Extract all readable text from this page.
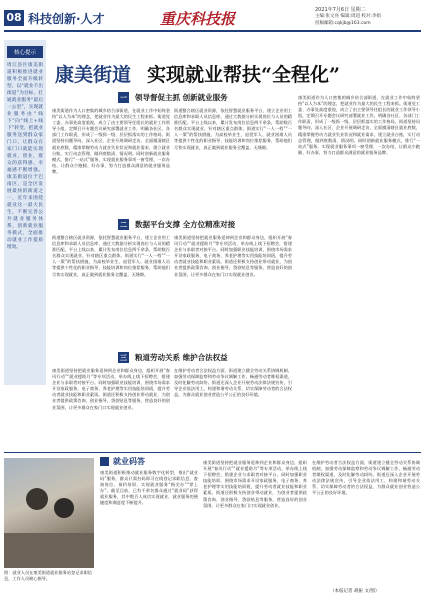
08 科技创新·人才	重庆科技报	2021年7月6日 星期二
主编:张文亮 编辑:周超 校对:李娟
投稿邮箱:cqkjb@163.com
核心提示
周江县区康美街道积极推进就业服务全面升级转型，以“就业不出街道”为目标，打通就业服务“最后一公里”，实现就业服务由“线下”向“线上+线下”转变，把就业服务送到群众家门口，让群众在家门口就能实现就业、创业，群众的获得感、幸福感不断增强。康美街道位于巴南区，是全区发展最快的街道之一，近年来围绕就业这一最大民生，不断完善公共就业服务体系，创新就业服务模式，全面推动就业工作提质增效。
康美街道 实现就业帮扶“全程化”
一 领导督促主抓 创新就业服务
康美街道作为人口密集的城乡结合部街道，在就业工作中始终坚持“以人为本”的理念，把就业作为最大的民生工程来抓。街道党工委、办事处高度重视，成立了由主要领导任组长的就业工作领导小组，定期召开专题会议研究部署就业工作，明确各社区、各部门工作职责，形成了一级抓一级、层层抓落实的工作格局。街道坚持问题导向，深入社区、企业开展调研走访，全面摸清辖区就业底数，精准掌握劳动力就业失业状况和就业需求，建立就业台账，实行动态管理，做到底数清、情况明。同时创新就业服务模式，推行“一站式”服务，实现就业服务事项一窗受理、一次办结，让群众少跑腿、好办事，努力打造群众满意的就业服务品牌。
街道整合辖区就业资源，依托智慧就业服务平台，建立企业用工信息库和求职人员信息库，通过大数据分析实现岗位与人员的精准匹配。平台上线以来，累计发布岗位信息两千余条，帮助数百名群众实现就业。针对辖区重点群体，街道实行“一人一档”“一人一策”的帮扶措施，为高校毕业生、退役军人、就业困难人员等提供个性化的职业指导、技能培训和岗位推荐服务，帮助他们尽快实现就业，真正做到就业服务全覆盖、无缝隙。
二 数据平台支撑 全方位精准对接
街道整合辖区就业资源，依托智慧就业服务平台，建立企业用工信息库和求职人员信息库，通过大数据分析实现岗位与人员的精准匹配。平台上线以来，累计发布岗位信息两千余条，帮助数百名群众实现就业。针对辖区重点群体，街道实行“一人一档”“一人一策”的帮扶措施，为高校毕业生、退役军人、就业困难人员等提供个性化的职业指导、技能培训和岗位推荐服务，帮助他们尽快实现就业，真正做到就业服务全覆盖、无缝隙。
康美街道坚持把就业服务延伸到企业和群众身边，组织开展“春风行动”“就业援助月”等专项活动，举办线上线下招聘会，搭建企业与求职者对接平台。同时加强职业技能培训，围绕市场需求开设家政服务、电子商务、养老护理等实用技能培训班，提升劳动者就业技能和职业素质。街道还积极支持创业带动就业，为创业者提供政策咨询、创业指导、贷款贴息等服务，营造良好的创业氛围，让更多群众在家门口实现就业创业。
三 粮道劳动关系 维护合法权益
康美街道坚持把就业服务延伸到企业和群众身边，组织开展“春风行动”“就业援助月”等专项活动，举办线上线下招聘会，搭建企业与求职者对接平台。同时加强职业技能培训，围绕市场需求开设家政服务、电子商务、养老护理等实用技能培训班，提升劳动者就业技能和职业素质。街道还积极支持创业带动就业，为创业者提供政策咨询、创业指导、贷款贴息等服务，营造良好的创业氛围，让更多群众在家门口实现就业创业。
在维护劳动者合法权益方面，街道建立健全劳动关系协调机制，加强劳动保障监察和劳动争议调解工作，畅通劳动者维权渠道，及时化解劳动纠纷。街道还深入企业开展劳动法律法规宣传，引导企业依法用工，构建和谐劳动关系，切实保障劳动者的合法权益，为群众就业创业营造公平公正的良好环境。
康美街道作为人口密集的城乡结合部街道，在就业工作中始终坚持“以人为本”的理念，把就业作为最大的民生工程来抓。街道党工委、办事处高度重视，成立了由主要领导任组长的就业工作领导小组，定期召开专题会议研究部署就业工作，明确各社区、各部门工作职责，形成了一级抓一级、层层抓落实的工作格局。街道坚持问题导向，深入社区、企业开展调研走访，全面摸清辖区就业底数，精准掌握劳动力就业失业状况和就业需求，建立就业台账，实行动态管理，做到底数清、情况明。同时创新就业服务模式，推行“一站式”服务，实现就业服务事项一窗受理、一次办结，让群众少跑腿、好办事，努力打造群众满意的就业服务品牌。
图：就业人员在康美街道就业服务站登记求职信息，工作人员耐心指导。
就业码答
康美街道积极推动就业服务数字化转型，推出“就业码”服务，群众只需扫码即可在线登记求职信息、查询岗位、预约培训，实现就业服务“指尖办”“掌上办”。截至目前，已有千余名群众通过“就业码”获得就业服务，其中数百人成功实现就业，就业服务的便捷度和满意度不断提升。
康美街道坚持把就业服务延伸到企业和群众身边，组织开展“春风行动”“就业援助月”等专项活动，举办线上线下招聘会，搭建企业与求职者对接平台。同时加强职业技能培训，围绕市场需求开设家政服务、电子商务、养老护理等实用技能培训班，提升劳动者就业技能和职业素质。街道还积极支持创业带动就业，为创业者提供政策咨询、创业指导、贷款贴息等服务，营造良好的创业氛围，让更多群众在家门口实现就业创业。
在维护劳动者合法权益方面，街道建立健全劳动关系协调机制，加强劳动保障监察和劳动争议调解工作，畅通劳动者维权渠道，及时化解劳动纠纷。街道还深入企业开展劳动法律法规宣传，引导企业依法用工，构建和谐劳动关系，切实保障劳动者的合法权益，为群众就业创业营造公平公正的良好环境。
（本报记者 胡振 文/图）
